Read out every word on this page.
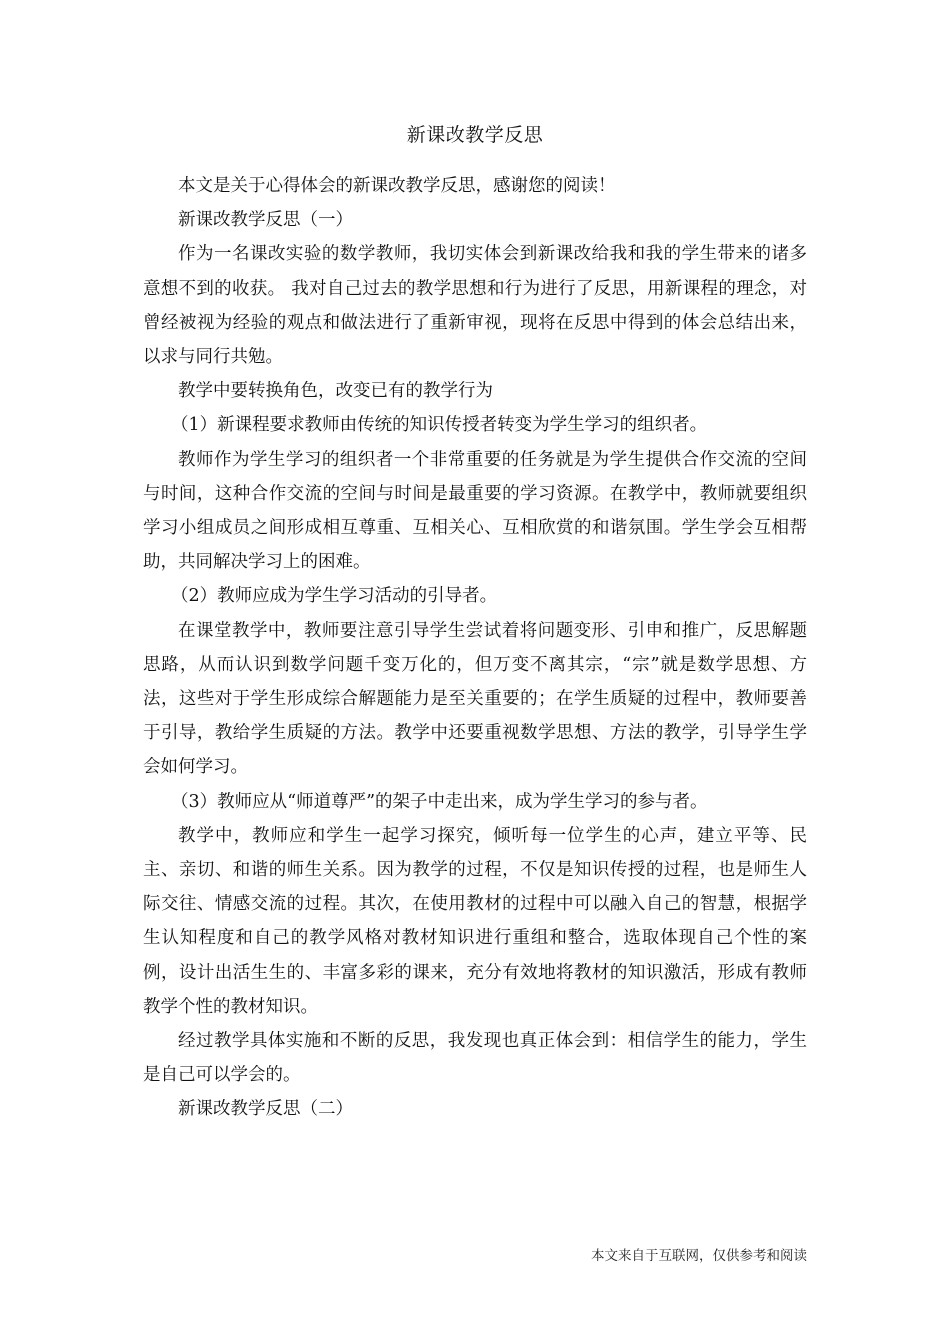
新课改教学反思

本文是关于心得体会的新课改教学反思，感谢您的阅读！

新课改教学反思（一）

作为一名课改实验的数学教师，我切实体会到新课改给我和我的学生带来的诸多意想不到的收获。 我对自己过去的教学思想和行为进行了反思，用新课程的理念，对曾经被视为经验的观点和做法进行了重新审视，现将在反思中得到的体会总结出来，以求与同行共勉。

教学中要转换角色，改变已有的教学行为

（1）新课程要求教师由传统的知识传授者转变为学生学习的组织者。

教师作为学生学习的组织者一个非常重要的任务就是为学生提供合作交流的空间与时间，这种合作交流的空间与时间是最重要的学习资源。在教学中，教师就要组织学习小组成员之间形成相互尊重、互相关心、互相欣赏的和谐氛围。学生学会互相帮助，共同解决学习上的困难。

（2）教师应成为学生学习活动的引导者。

在课堂教学中，教师要注意引导学生尝试着将问题变形、引申和推广，反思解题思路，从而认识到数学问题千变万化的，但万变不离其宗，“宗”就是数学思想、方法，这些对于学生形成综合解题能力是至关重要的；在学生质疑的过程中，教师要善于引导，教给学生质疑的方法。教学中还要重视数学思想、方法的教学，引导学生学会如何学习。

（3）教师应从“师道尊严”的架子中走出来，成为学生学习的参与者。

教学中，教师应和学生一起学习探究，倾听每一位学生的心声，建立平等、民主、亲切、和谐的师生关系。因为教学的过程，不仅是知识传授的过程，也是师生人际交往、情感交流的过程。其次，在使用教材的过程中可以融入自己的智慧，根据学生认知程度和自己的教学风格对教材知识进行重组和整合，选取体现自己个性的案例，设计出活生生的、丰富多彩的课来，充分有效地将教材的知识激活，形成有教师教学个性的教材知识。

经过教学具体实施和不断的反思，我发现也真正体会到：相信学生的能力，学生是自己可以学会的。

新课改教学反思（二）

本文来自于互联网，仅供参考和阅读
